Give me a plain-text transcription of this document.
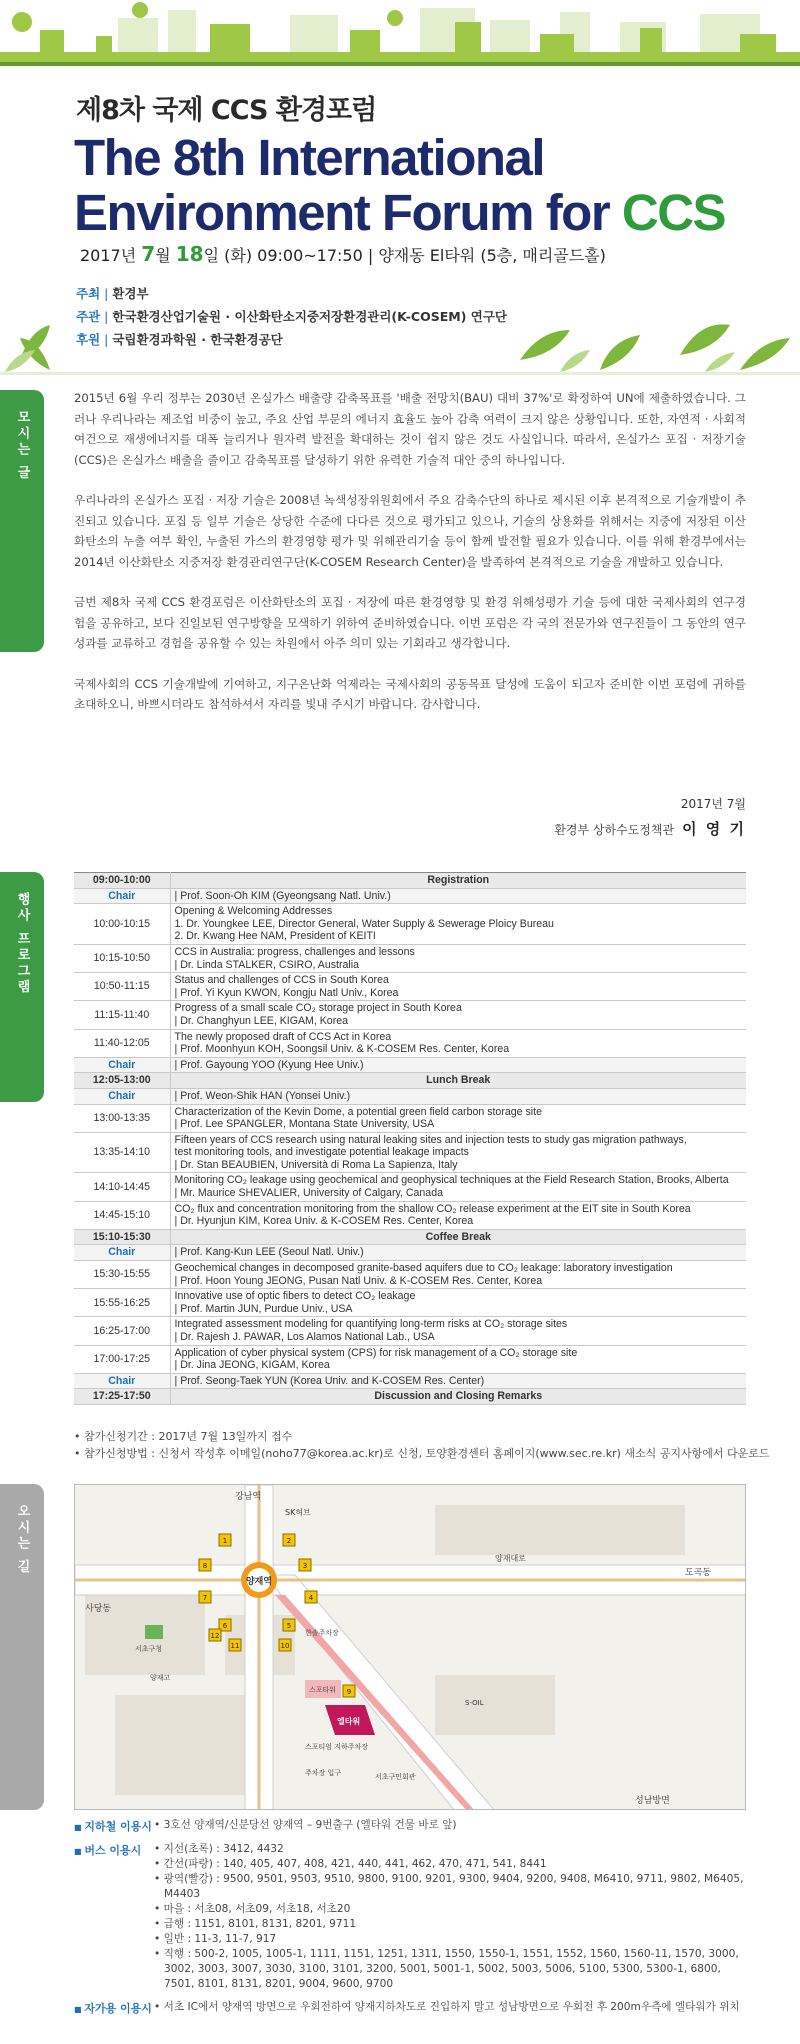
제8차 국제 CCS 환경포럼
The 8th International
Environment Forum for CCS
2017년 7월 18일 (화) 09:00~17:50 | 양재동 El타워 (5층, 매리골드홀)
주최 | 환경부
주관 | 한국환경산업기술원 · 이산화탄소지중저장환경관리(K-COSEM) 연구단
후원 | 국립환경과학원 · 한국환경공단
모시는 글
행사 프로그램
오시는 길

2015년 6월 우리 정부는 2030년 온실가스 배출량 감축목표를 '배출 전망치(BAU) 대비 37%'로 확정하여 UN에 제출하였습니다. 그러나 우리나라는 제조업 비중이 높고, 주요 산업 부문의 에너지 효율도 높아 감축 여력이 크지 않은 상황입니다. 또한, 자연적 · 사회적 여건으로 재생에너지를 대폭 늘리거나 원자력 발전을 확대하는 것이 쉽지 않은 것도 사실입니다. 따라서, 온실가스 포집 · 저장기술(CCS)은 온실가스 배출을 줄이고 감축목표를 달성하기 위한 유력한 기술적 대안 중의 하나입니다.

우리나라의 온실가스 포집 · 저장 기술은 2008년 녹색성장위원회에서 주요 감축수단의 하나로 제시된 이후 본격적으로 기술개발이 추진되고 있습니다. 포집 등 일부 기술은 상당한 수준에 다다른 것으로 평가되고 있으나, 기술의 상용화를 위해서는 지중에 저장된 이산화탄소의 누출 여부 확인, 누출된 가스의 환경영향 평가 및 위해관리기술 등이 함께 발전할 필요가 있습니다. 이를 위해 환경부에서는 2014년 이산화탄소 지중저장 환경관리연구단(K-COSEM Research Center)을 발족하여 본격적으로 기술을 개발하고 있습니다.

금번 제8차 국제 CCS 환경포럼은 이산화탄소의 포집 · 저장에 따른 환경영향 및 환경 위해성평가 기술 등에 대한 국제사회의 연구경험을 공유하고, 보다 진일보된 연구방향을 모색하기 위하여 준비하였습니다. 이번 포럼은 각 국의 전문가와 연구진들이 그 동안의 연구 성과를 교류하고 경험을 공유할 수 있는 차원에서 아주 의미 있는 기회라고 생각합니다.

국제사회의 CCS 기술개발에 기여하고, 지구온난화 억제라는 국제사회의 공동목표 달성에 도움이 되고자 준비한 이번 포럼에 귀하를 초대하오니, 바쁘시더라도 참석하셔서 자리를 빛내 주시기 바랍니다. 감사합니다.

2017년 7월
환경부 상하수도정책관 이 영 기
09:00-10:00	Registration
Chair	| Prof. Soon-Oh KIM (Gyeongsang Natl. Univ.)

10:00-10:15	Opening & Welcoming Addresses
1. Dr. Youngkee LEE, Director General, Water Supply & Sewerage Ploicy Bureau
2. Dr. Kwang Hee NAM, President of KEITI

10:15-10:50	CCS in Australia: progress, challenges and lessons
| Dr. Linda STALKER, CSIRO, Australia

10:50-11:15	Status and challenges of CCS in South Korea
| Prof. Yi Kyun KWON, Kongju Natl Univ., Korea

11:15-11:40	Progress of a small scale CO₂ storage project in South Korea
| Dr. Changhyun LEE, KIGAM, Korea

11:40-12:05	The newly proposed draft of CCS Act in Korea
| Prof. Moonhyun KOH, Soongsil Univ. & K-COSEM Res. Center, Korea

Chair	| Prof. Gayoung YOO (Kyung Hee Univ.)

12:05-13:00	Lunch Break
Chair	| Prof. Weon-Shik HAN (Yonsei Univ.)

13:00-13:35	Characterization of the Kevin Dome, a potential green field carbon storage site
| Prof. Lee SPANGLER, Montana State University, USA

13:35-14:10	Fifteen years of CCS research using natural leaking sites and injection tests to study gas migration pathways,
test monitoring tools, and investigate potential leakage impacts
| Dr. Stan BEAUBIEN, Università di Roma La Sapienza, Italy

14:10-14:45	Monitoring CO₂ leakage using geochemical and geophysical techniques at the Field Research Station, Brooks, Alberta
| Mr. Maurice SHEVALIER, University of Calgary, Canada

14:45-15:10	CO₂ flux and concentration monitoring from the shallow CO₂ release experiment at the EIT site in South Korea
| Dr. Hyunjun KIM, Korea Univ. & K-COSEM Res. Center, Korea

15:10-15:30	Coffee Break
Chair	| Prof. Kang-Kun LEE (Seoul Natl. Univ.)

15:30-15:55	Geochemical changes in decomposed granite-based aquifers due to CO₂ leakage: laboratory investigation
| Prof. Hoon Young JEONG, Pusan Natl Univ. & K-COSEM Res. Center, Korea

15:55-16:25	Innovative use of optic fibers to detect CO₂ leakage
| Prof. Martin JUN, Purdue Univ., USA

16:25-17:00	Integrated assessment modeling for quantifying long-term risks at CO₂ storage sites
| Dr. Rajesh J. PAWAR, Los Alamos National Lab., USA

17:00-17:25	Application of cyber physical system (CPS) for risk management of a CO₂ storage site
| Dr. Jina JEONG, KIGAM, Korea

Chair	| Prof. Seong-Taek YUN (Korea Univ. and K-COSEM Res. Center)

17:25-17:50	Discussion and Closing Remarks
• 참가신청기간 : 2017년 7월 13일까지 접수
• 참가신청방법 : 신청서 작성후 이메일(noho77@korea.ac.kr)로 신청, 토양환경센터 홈페이지(www.sec.re.kr) 새소식 공지사항에서 다운로드
양재역
강남역
도곡동
사당동
성남방면
SK허브
양재대로
서초구청
양재고
한솔주차장
스포타워
엘타워
스포티엄 지하주차장
주차장 입구	서초구민회관
S-OIL
1	2
3
4
5
6
7
8
9
10
11
12
■ 지하철 이용시	• 3호선 양재역/신분당선 양재역 – 9번출구 (엘타워 건물 바로 앞)
■ 버스 이용시	• 지선(초록) : 3412, 4432
• 간선(파랑) : 140, 405, 407, 408, 421, 440, 441, 462, 470, 471, 541, 8441
• 광역(빨강) : 9500, 9501, 9503, 9510, 9800, 9100, 9201, 9300, 9404, 9200, 9408, M6410, 9711, 9802, M6405, M4403
• 마을 : 서초08, 서초09, 서초18, 서초20
• 급행 : 1151, 8101, 8131, 8201, 9711
• 일반 : 11-3, 11-7, 917
• 직행 : 500-2, 1005, 1005-1, 1111, 1151, 1251, 1311, 1550, 1550-1, 1551, 1552, 1560, 1560-11, 1570, 3000, 3002, 3003, 3007, 3030, 3100, 3101, 3200, 5001, 5001-1, 5002, 5003, 5006, 5100, 5300, 5300-1, 6800, 7501, 8101, 8131, 8201, 9004, 9600, 9700
■ 자가용 이용시	• 서초 IC에서 양재역 방면으로 우회전하여 양재지하차도로 진입하지 말고 성남방면으로 우회전 후 200m우측에 엘타워가 위치
